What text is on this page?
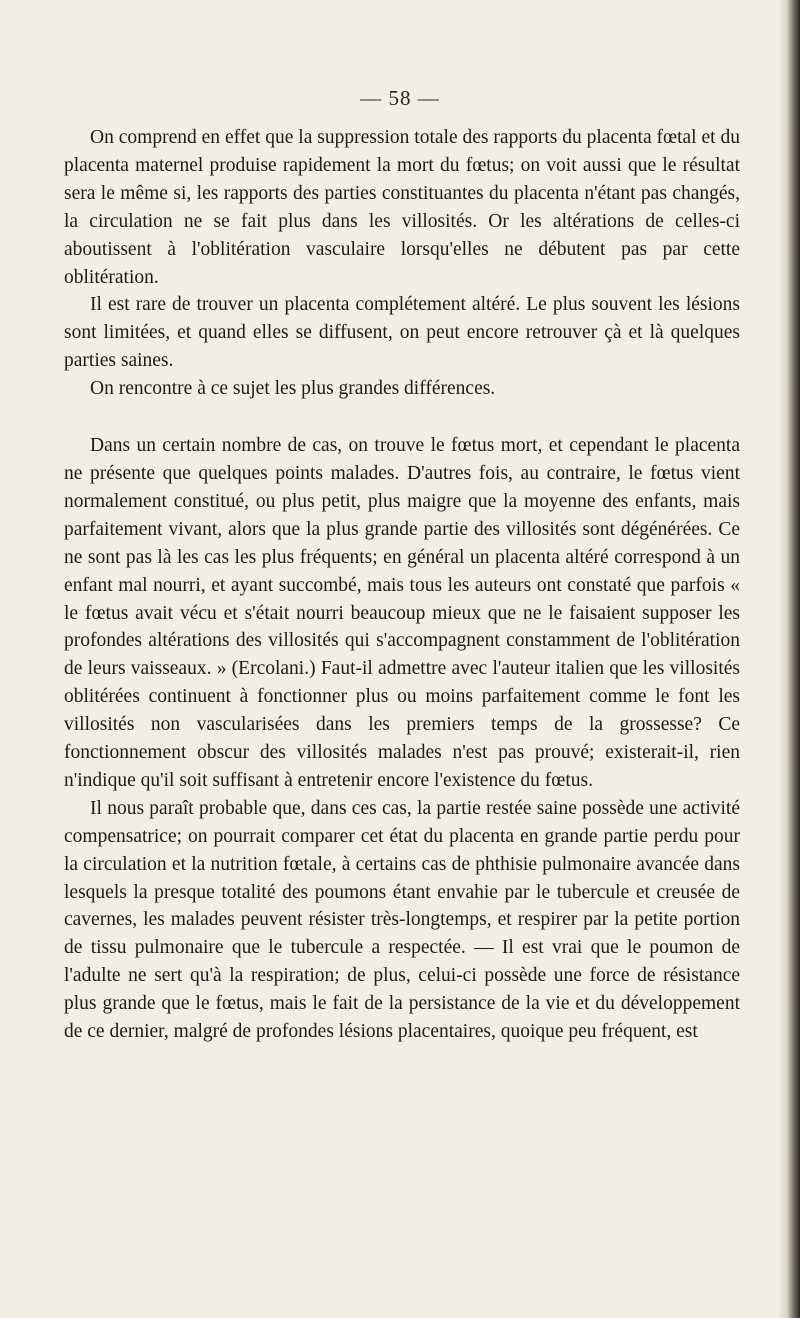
— 58 —

On comprend en effet que la suppression totale des rapports du placenta fœtal et du placenta maternel produise rapidement la mort du fœtus; on voit aussi que le résultat sera le même si, les rapports des parties constituantes du placenta n'étant pas changés, la circulation ne se fait plus dans les villosités. Or les altérations de celles-ci aboutissent à l'oblitération vasculaire lorsqu'elles ne débutent pas par cette oblitération.

Il est rare de trouver un placenta complétement altéré. Le plus souvent les lésions sont limitées, et quand elles se diffusent, on peut encore retrouver çà et là quelques parties saines.

On rencontre à ce sujet les plus grandes différences.

Dans un certain nombre de cas, on trouve le fœtus mort, et cependant le placenta ne présente que quelques points malades. D'autres fois, au contraire, le fœtus vient normalement constitué, ou plus petit, plus maigre que la moyenne des enfants, mais parfaitement vivant, alors que la plus grande partie des villosités sont dégénérées. Ce ne sont pas là les cas les plus fréquents; en général un placenta altéré correspond à un enfant mal nourri, et ayant succombé, mais tous les auteurs ont constaté que parfois « le fœtus avait vécu et s'était nourri beaucoup mieux que ne le faisaient supposer les profondes altérations des villosités qui s'accompagnent constamment de l'oblitération de leurs vaisseaux. » (Ercolani.) Faut-il admettre avec l'auteur italien que les villosités oblitérées continuent à fonctionner plus ou moins parfaitement comme le font les villosités non vascularisées dans les premiers temps de la grossesse? Ce fonctionnement obscur des villosités malades n'est pas prouvé; existerait-il, rien n'indique qu'il soit suffisant à entretenir encore l'existence du fœtus.

Il nous paraît probable que, dans ces cas, la partie restée saine possède une activité compensatrice; on pourrait comparer cet état du placenta en grande partie perdu pour la circulation et la nutrition fœtale, à certains cas de phthisie pulmonaire avancée dans lesquels la presque totalité des poumons étant envahie par le tubercule et creusée de cavernes, les malades peuvent résister très-longtemps, et respirer par la petite portion de tissu pulmonaire que le tubercule a respectée. — Il est vrai que le poumon de l'adulte ne sert qu'à la respiration; de plus, celui-ci possède une force de résistance plus grande que le fœtus, mais le fait de la persistance de la vie et du développement de ce dernier, malgré de profondes lésions placentaires, quoique peu fréquent, est
